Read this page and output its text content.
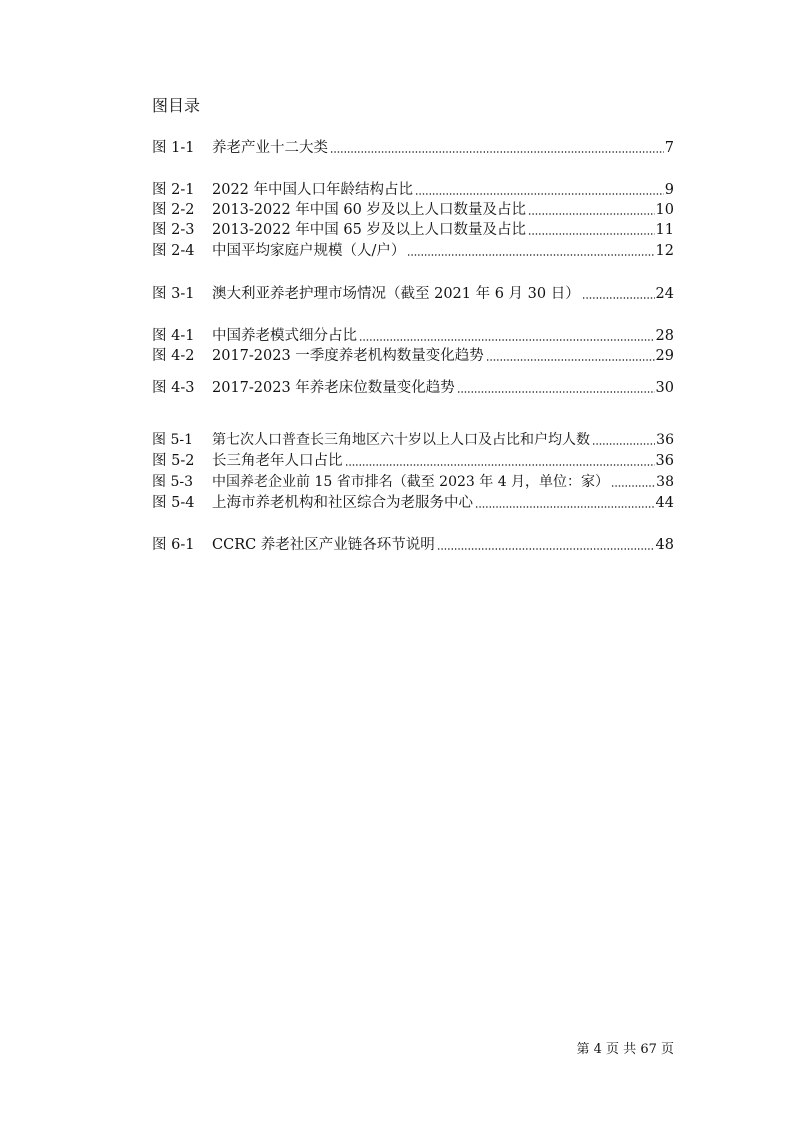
图目录
图 1-1	养老产业十二大类	7
图 2-1	2022 年中国人口年龄结构占比	9
图 2-2	2013-2022 年中国 60 岁及以上人口数量及占比	10
图 2-3	2013-2022 年中国 65 岁及以上人口数量及占比	11
图 2-4	中国平均家庭户规模（人/户）	12
图 3-1	澳大利亚养老护理市场情况（截至 2021 年 6 月 30 日）	24
图 4-1	中国养老模式细分占比	28
图 4-2	2017-2023 一季度养老机构数量变化趋势	29
图 4-3	2017-2023 年养老床位数量变化趋势	30
图 5-1	第七次人口普查长三角地区六十岁以上人口及占比和户均人数	36
图 5-2	长三角老年人口占比	36
图 5-3	中国养老企业前 15 省市排名（截至 2023 年 4 月，单位：家）	38
图 5-4	上海市养老机构和社区综合为老服务中心	44
图 6-1	CCRC 养老社区产业链各环节说明	48
第 4 页 共 67 页
